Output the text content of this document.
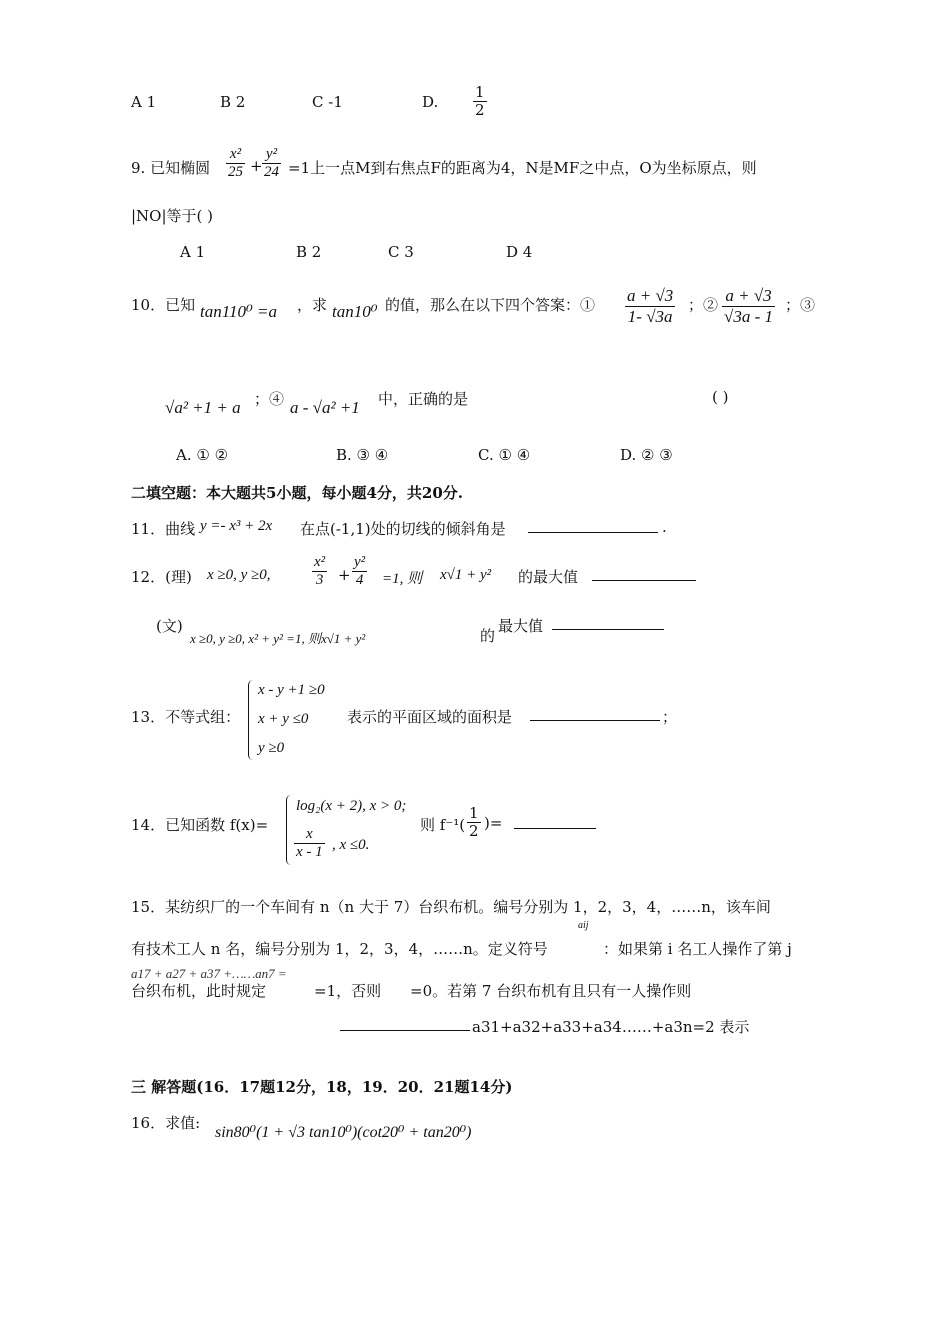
A 1	B 2	C -1	D. $\frac{1}{2}$
9. 已知椭圆 $\frac{\text{x²}}{25} + \frac{\text{y²}}{24} =1$上一点M到右焦点F的距离为4，N是MF之中点，O为坐标原点，则
|NO|等于( )
A 1	B 2	C 3	D 4
10．已知 tan110⁰ =a ，求 tan10⁰ 的值，那么在以下四个答案：① $\frac{a + √3}{1- √3a}$ ；② $\frac{a + √3}{√3a - 1}$ ；③
√a² +1 + a ；④ a - √a² +1 中，正确的是	( )
A. ① ②	B. ③ ④	C. ① ④	D. ② ③
二填空题：本大题共5小题，每小题4分，共20分.
11．曲线 y =- x³ + 2x 在点(-1,1)处的切线的倾斜角是	.
12．(理) x ≥0, y ≥0,	$\frac{\text{x²}}{3} + \frac{\text{y²}}{4} =1$, 则 x√1 + y² 的最大值
(文)
x ≥0, y ≥0, x² + y² =1, 则x√1 + y²	的
最大值
13．不等式组：
x - y +1 ≥0
x + y ≤0
y ≥0
表示的平面区域的面积是	；
14．已知函数 f(x)=
log₂(x + 2), x > 0;
$\frac{x}{x - 1}$ , x ≤0.
则 $f^{-1}( \frac{1}{2}$ )=
15．某纺织厂的一个车间有 n（n 大于 7）台织布机。编号分别为 1，2，3，4，……n，该车间
aij
有技术工人 n 名，编号分别为 1，2，3，4，……n。定义符号	：如果第 i 名工人操作了第 j
a17 + a27 + a37 +……an7 =
台织布机，此时规定	=1，否则 =0。若第 7 台织布机有且只有一人操作则
a31+a32+a33+a34……+a3n=2 表示
三 解答题(16．17题12分，18，19．20．21题14分)
16．求值:
sin80⁰(1 + √3 tan10⁰)(cot20⁰ + tan20⁰)
